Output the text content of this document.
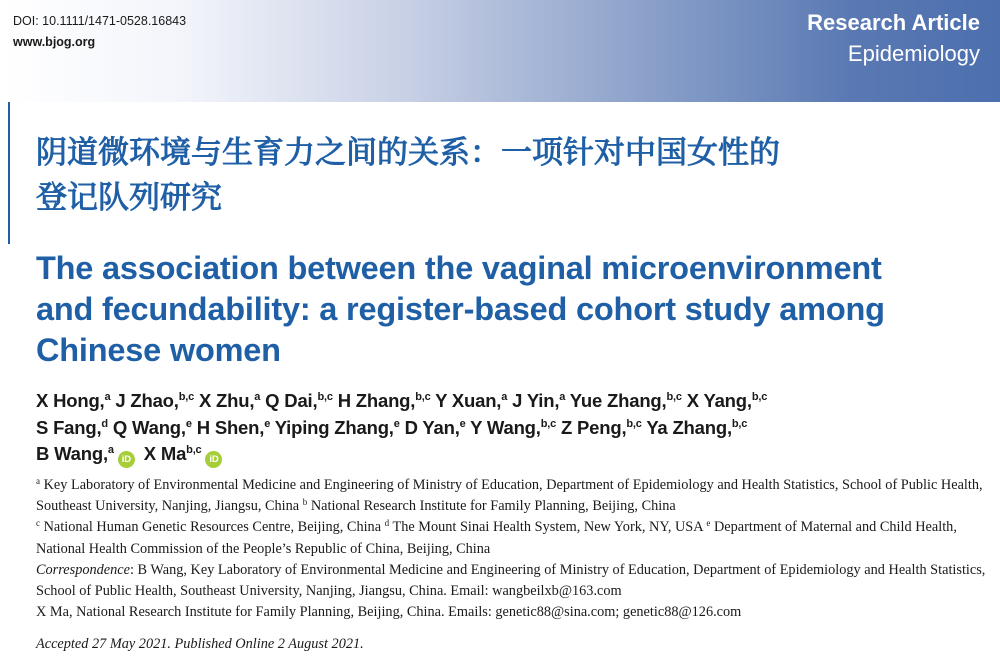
DOI: 10.1111/1471-0528.16843
www.bjog.org
Research Article
Epidemiology
阴道微环境与生育力之间的关系：一项针对中国女性的
登记队列研究
The association between the vaginal microenvironment
and fecundability: a register-based cohort study among
Chinese women
X Hong,$^a$ J Zhao,$^{b,c}$ X Zhu,$^a$ Q Dai,$^{b,c}$ H Zhang,$^{b,c}$ Y Xuan,$^a$ J Yin,$^a$ Yue Zhang,$^{b,c}$ X Yang,$^{b,c}$
S Fang,$^d$ Q Wang,$^e$ H Shen,$^e$ Yiping Zhang,$^e$ D Yan,$^e$ Y Wang,$^{b,c}$ Z Peng,$^{b,c}$ Ya Zhang,$^{b,c}$
B Wang,$^a$iD X Ma$^{b,c}$iD
$^a$ Key Laboratory of Environmental Medicine and Engineering of Ministry of Education, Department of Epidemiology and Health Statistics, School of Public Health, Southeast University, Nanjing, Jiangsu, China $^b$ National Research Institute for Family Planning, Beijing, China
$^c$ National Human Genetic Resources Centre, Beijing, China $^d$ The Mount Sinai Health System, New York, NY, USA $^e$ Department of Maternal and Child Health, National Health Commission of the People’s Republic of China, Beijing, China
Correspondence: B Wang, Key Laboratory of Environmental Medicine and Engineering of Ministry of Education, Department of Epidemiology and Health Statistics, School of Public Health, Southeast University, Nanjing, Jiangsu, China. Email: wangbeilxb@163.com
X Ma, National Research Institute for Family Planning, Beijing, China. Emails: genetic88@sina.com; genetic88@126.com
Accepted 27 May 2021. Published Online 2 August 2021.
